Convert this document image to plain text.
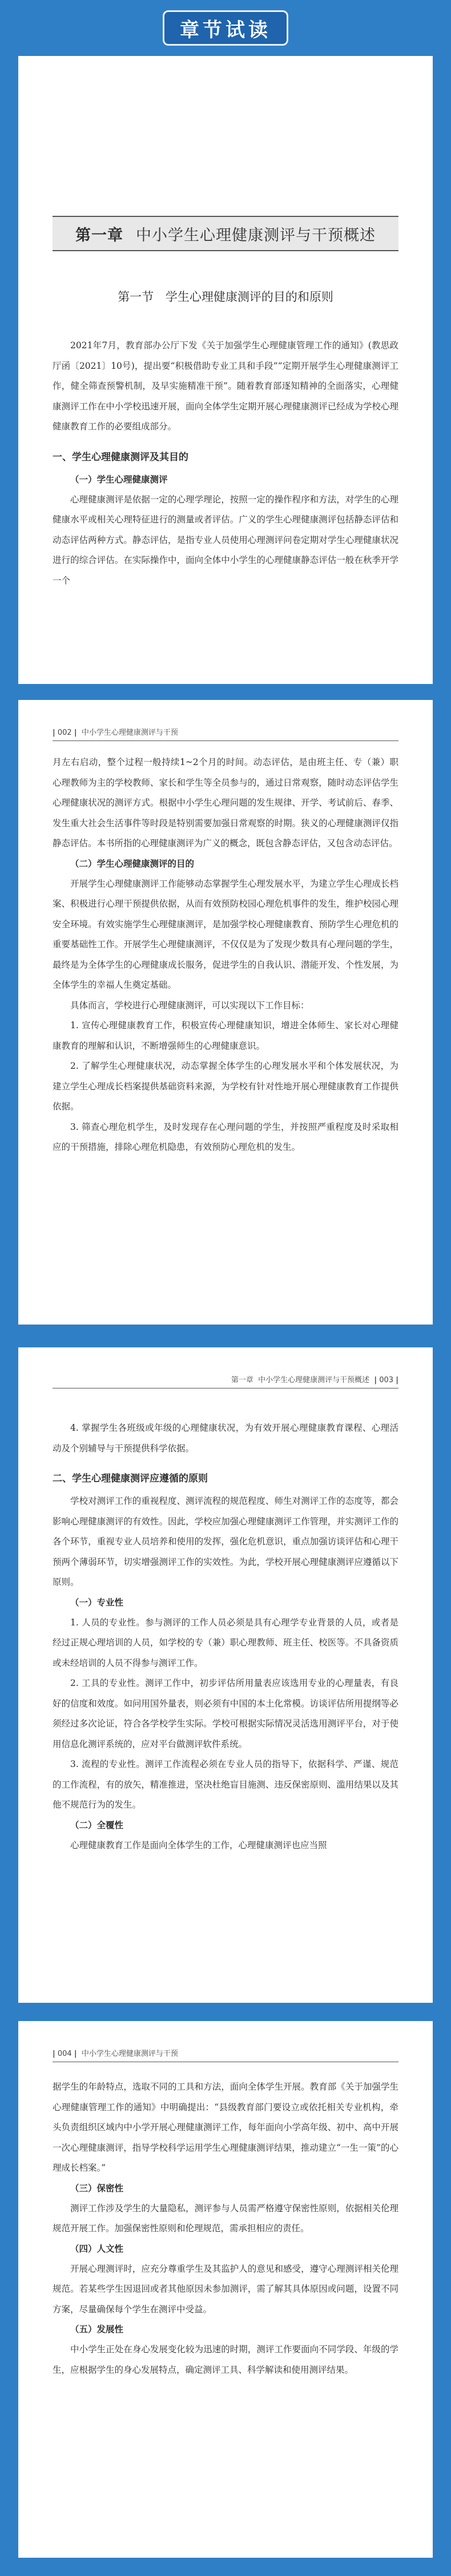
章节试读
第一章 中小学生心理健康测评与干预概述
第一节 学生心理健康测评的目的和原则

2021年7月，教育部办公厅下发《关于加强学生心理健康管理工作的通知》(教思政厅函〔2021〕10号)，提出要“积极借助专业工具和手段”“定期开展学生心理健康测评工作，健全筛查预警机制，及早实施精准干预”。随着教育部逐知精神的全面落实，心理健康测评工作在中小学校迅速开展，面向全体学生定期开展心理健康测评已经成为学校心理健康教育工作的必要组成部分。

一、学生心理健康测评及其目的
（一）学生心理健康测评

心理健康测评是依据一定的心理学理论，按照一定的操作程序和方法，对学生的心理健康水平或相关心理特征进行的测量或者评估。广义的学生心理健康测评包括静态评估和动态评估两种方式。静态评估，是指专业人员使用心理测评问卷定期对学生心理健康状况进行的综合评估。在实际操作中，面向全体中小学生的心理健康静态评估一般在秋季开学一个

| 002 | 中小学生心理健康测评与干预

月左右启动，整个过程一般持续1~2个月的时间。动态评估，是由班主任、专（兼）职心理教师为主的学校教师、家长和学生等全员参与的，通过日常观察，随时动态评估学生心理健康状况的测评方式。根据中小学生心理问题的发生规律、开学、考试前后、春季、发生重大社会生活事件等时段是特别需要加强日常观察的时期。狭义的心理健康测评仅指静态评估。本书所指的心理健康测评为广义的概念，既包含静态评估，又包含动态评估。

（二）学生心理健康测评的目的

开展学生心理健康测评工作能够动态掌握学生心理发展水平，为建立学生心理成长档案、积极进行心理干预提供依据，从而有效预防校园心理危机事件的发生，维护校园心理安全环境。有效实施学生心理健康测评，是加强学校心理健康教育、预防学生心理危机的重要基础性工作。开展学生心理健康测评，不仅仅是为了发现少数具有心理问题的学生，最终是为全体学生的心理健康成长服务，促进学生的自我认识、潜能开发、个性发展，为全体学生的幸福人生奠定基础。

具体而言，学校进行心理健康测评，可以实现以下工作目标：

1. 宣传心理健康教育工作，积极宣传心理健康知识，增进全体师生、家长对心理健康教育的理解和认识，不断增强师生的心理健康意识。

2. 了解学生心理健康状况，动态掌握全体学生的心理发展水平和个体发展状况，为建立学生心理成长档案提供基础资料来源，为学校有针对性地开展心理健康教育工作提供依据。

3. 筛查心理危机学生，及时发现存在心理问题的学生，并按照严重程度及时采取相应的干预措施，排除心理危机隐患，有效预防心理危机的发生。

第一章 中小学生心理健康测评与干预概述 | 003 |

4. 掌握学生各班级或年级的心理健康状况，为有效开展心理健康教育课程、心理活动及个别辅导与干预提供科学依据。

二、学生心理健康测评应遵循的原则

学校对测评工作的重视程度、测评流程的规范程度、师生对测评工作的态度等，都会影响心理健康测评的有效性。因此，学校应加强心理健康测评工作管理，并实测评工作的各个环节，重视专业人员培养和使用的发挥，强化危机意识，重点加强访谈评估和心理干预两个薄弱环节，切实增强测评工作的实效性。为此，学校开展心理健康测评应遵循以下原则。

（一）专业性

1. 人员的专业性。参与测评的工作人员必须是具有心理学专业背景的人员，或者是经过正规心理培训的人员，如学校的专（兼）职心理教师、班主任、校医等。不具备资质或未经培训的人员不得参与测评工作。

2. 工具的专业性。测评工作中，初步评估所用量表应该选用专业的心理量表，有良好的信度和效度。如问用国外量表，则必须有中国的本土化常模。访谈评估所用提纲等必须经过多次论证，符合各学校学生实际。学校可根据实际情况灵活选用测评平台，对于使用信息化测评系统的，应对平台做测评软件系统。

3. 流程的专业性。测评工作流程必须在专业人员的指导下，依据科学、严谨、规范的工作流程，有的放矢，精准推进，坚决杜绝盲目施测、违反保密原则、滥用结果以及其他不规范行为的发生。

（二）全覆性

心理健康教育工作是面向全体学生的工作，心理健康测评也应当照

| 004 | 中小学生心理健康测评与干预

据学生的年龄特点，选取不同的工具和方法，面向全体学生开展。教育部《关于加强学生心理健康管理工作的通知》中明确提出：“县级教育部门要设立或依托相关专业机构，牵头负责组织区域内中小学开展心理健康测评工作，每年面向小学高年级、初中、高中开展一次心理健康测评，指导学校科学运用学生心理健康测评结果，推动建立“一生一策”的心理成长档案。”

（三）保密性

测评工作涉及学生的大量隐私，测评参与人员需严格遵守保密性原则，依据相关伦理规范开展工作。加强保密性原则和伦理规范，需承担相应的责任。

（四）人文性

开展心理测评时，应充分尊重学生及其监护人的意见和感受，遵守心理测评相关伦理规范。若某些学生因退回或者其他原因未参加测评，需了解其具体原因或问题，设置不同方案，尽量确保每个学生在测评中受益。

（五）发展性

中小学生正处在身心发展变化较为迅速的时期，测评工作要面向不同学段、年级的学生，应根据学生的身心发展特点，确定测评工具、科学解读和使用测评结果。
